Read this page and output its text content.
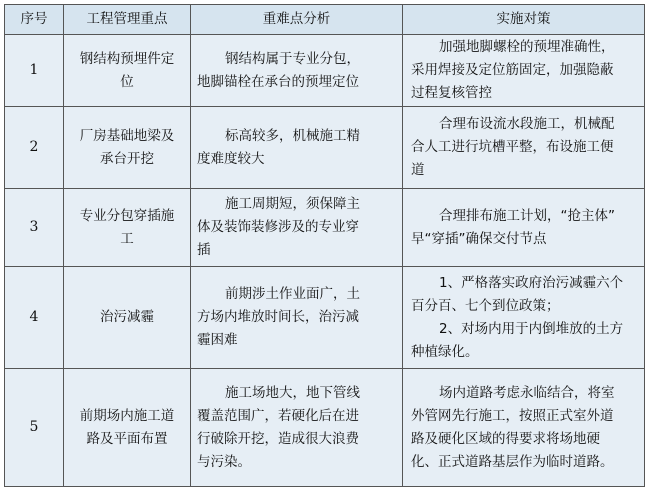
序号	工程管理重点	重难点分析	实施对策
1	钢结构预埋件定
位	钢结构属于专业分包，
地脚锚栓在承台的预埋定位	加强地脚螺栓的预埋准确性，
采用焊接及定位筋固定，加强隐蔽
过程复核管控

2	厂房基础地梁及
承台开挖	标高较多，机械施工精
度难度较大	合理布设流水段施工，机械配
合人工进行坑槽平整，布设施工便
道

3	专业分包穿插施
工	施工周期短，须保障主
体及装饰装修涉及的专业穿
插	合理排布施工计划，“抢主体”
早“穿插”确保交付节点

4	治污减霾	前期涉土作业面广，土
方场内堆放时间长，治污减
霾困难	1、严格落实政府治污减霾六个
百分百、七个到位政策；
2、对场内用于内倒堆放的土方
种植绿化。

5	前期场内施工道
路及平面布置	施工场地大，地下管线
覆盖范围广，若硬化后在进
行破除开挖，造成很大浪费
与污染。	场内道路考虑永临结合，将室
外管网先行施工，按照正式室外道
路及硬化区域的得要求将场地硬
化、正式道路基层作为临时道路。
